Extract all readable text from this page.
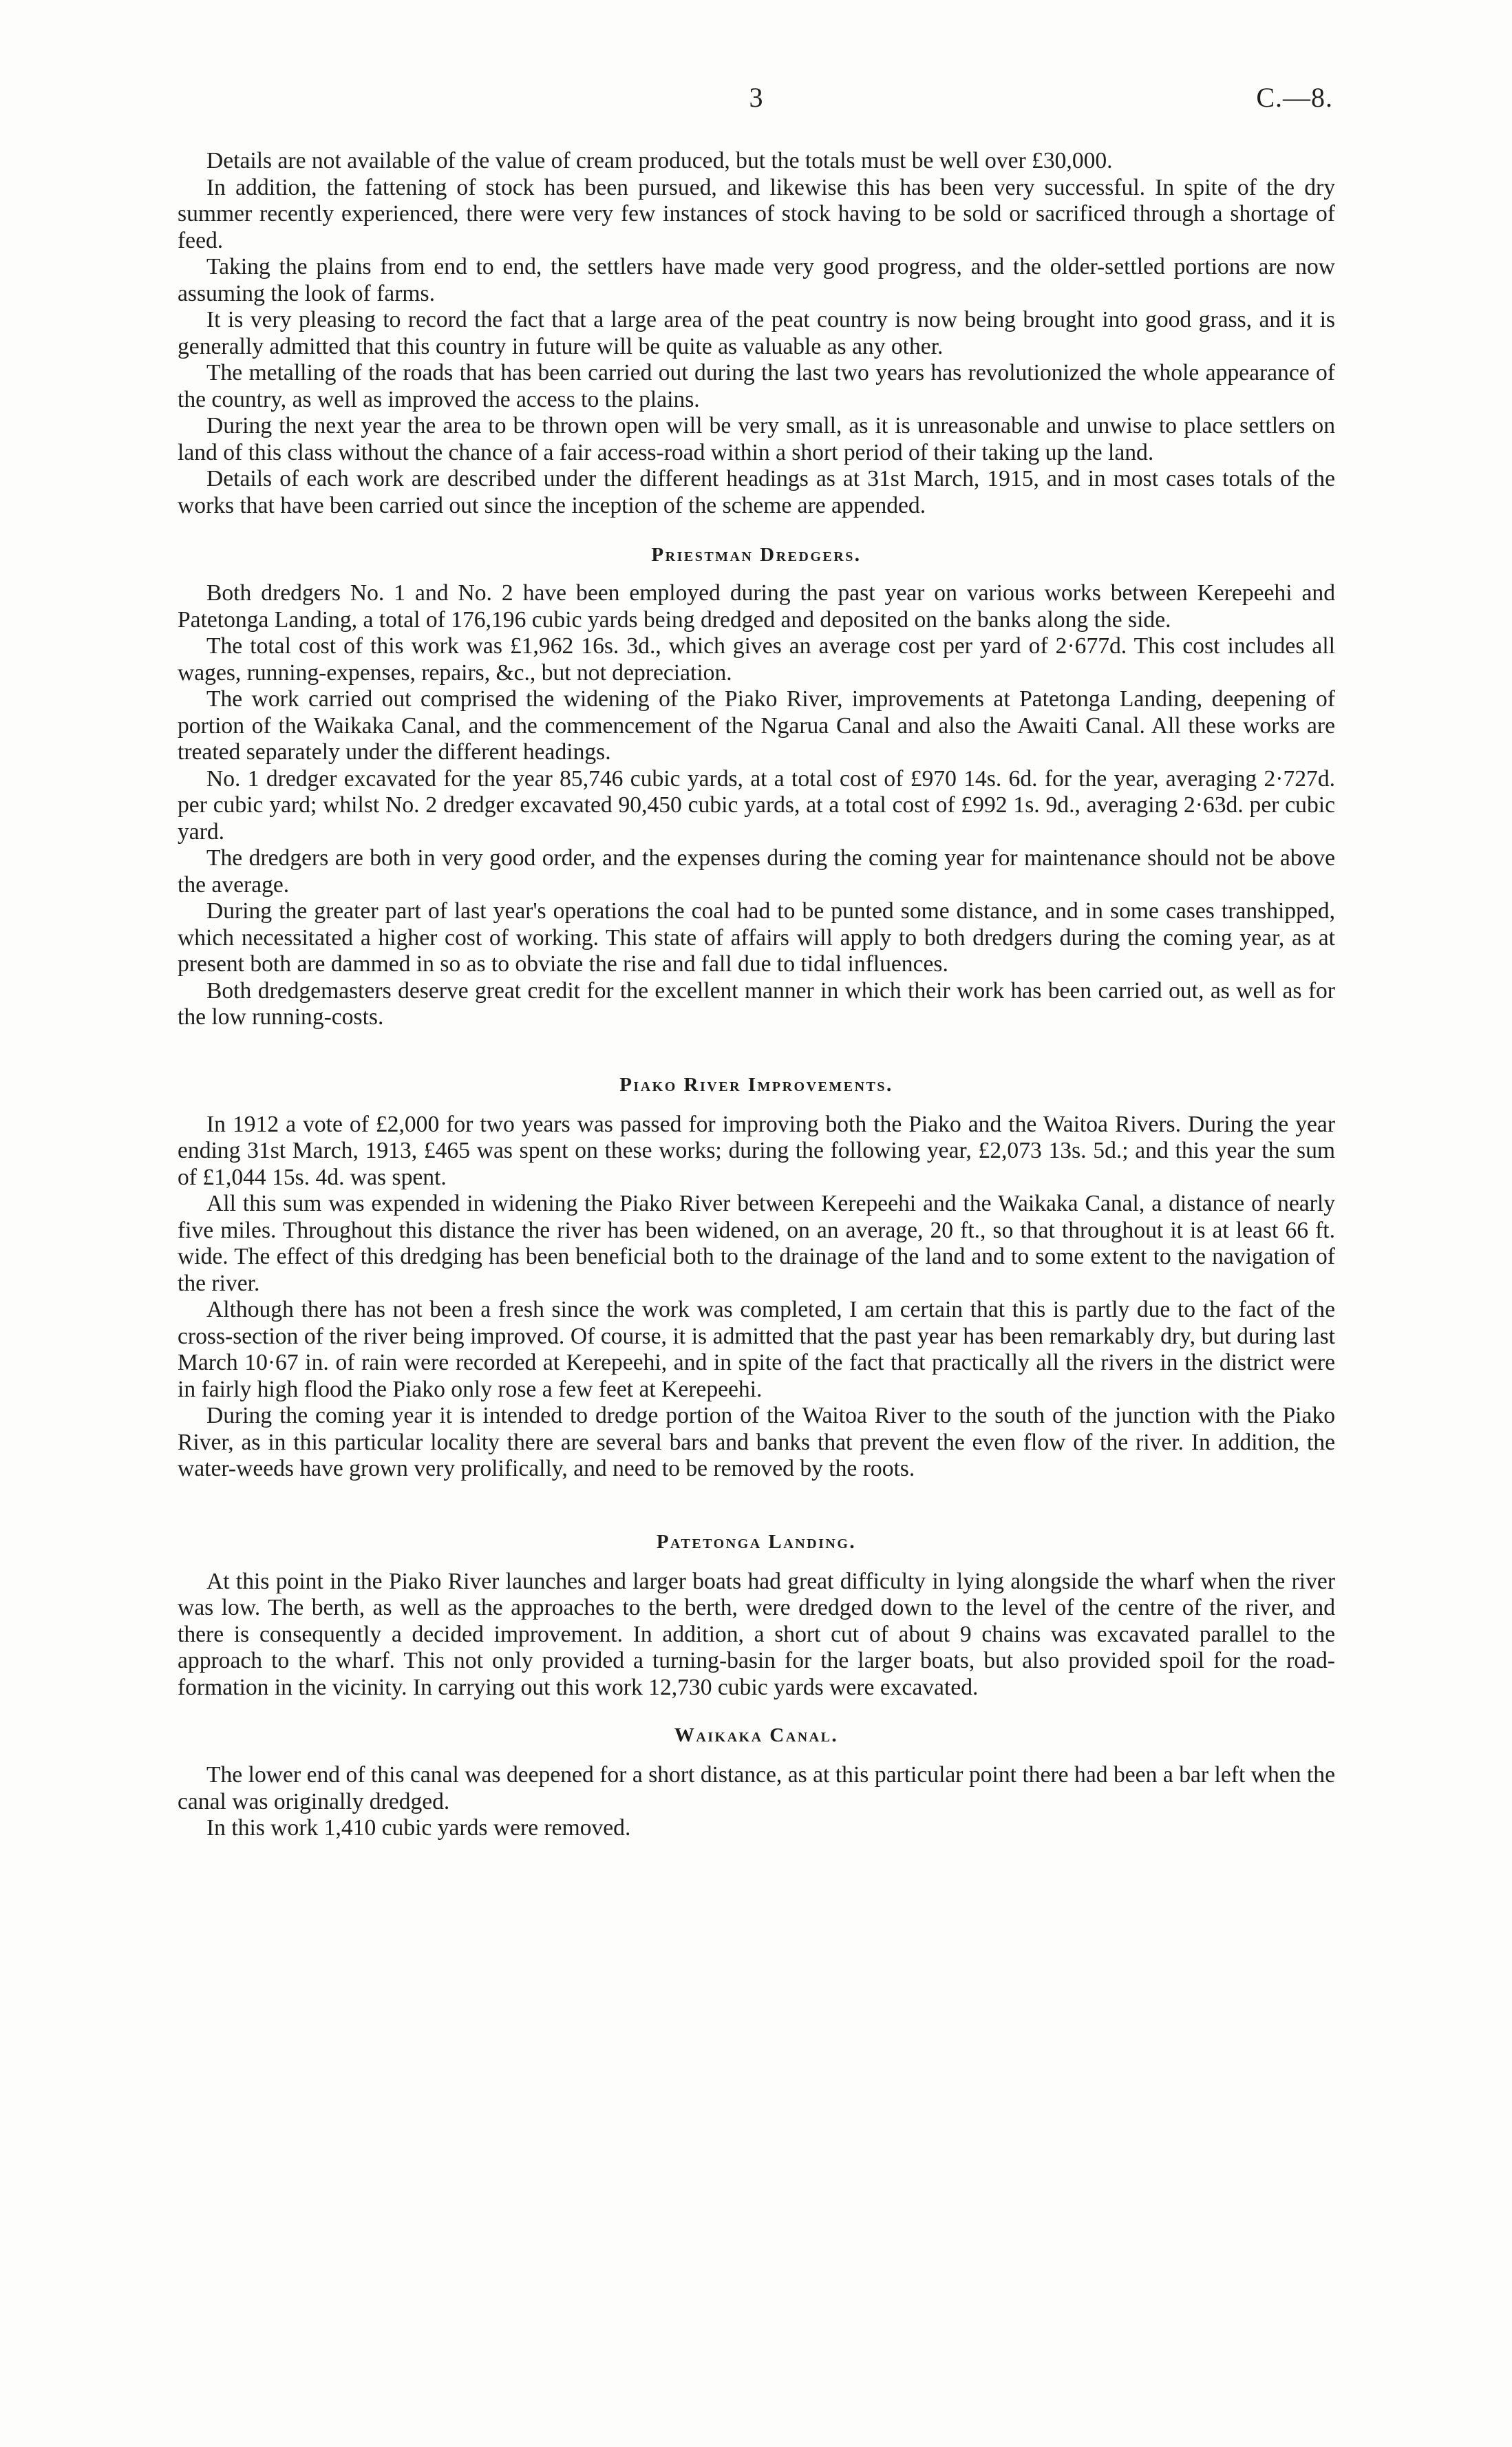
3	C.—8.

Details are not available of the value of cream produced, but the totals must be well over £30,000.

In addition, the fattening of stock has been pursued, and likewise this has been very successful. In spite of the dry summer recently experienced, there were very few instances of stock having to be sold or sacrificed through a shortage of feed.

Taking the plains from end to end, the settlers have made very good progress, and the older-settled portions are now assuming the look of farms.

It is very pleasing to record the fact that a large area of the peat country is now being brought into good grass, and it is generally admitted that this country in future will be quite as valuable as any other.

The metalling of the roads that has been carried out during the last two years has revolutionized the whole appearance of the country, as well as improved the access to the plains.

During the next year the area to be thrown open will be very small, as it is unreasonable and unwise to place settlers on land of this class without the chance of a fair access-road within a short period of their taking up the land.

Details of each work are described under the different headings as at 31st March, 1915, and in most cases totals of the works that have been carried out since the inception of the scheme are appended.

Priestman Dredgers.

Both dredgers No. 1 and No. 2 have been employed during the past year on various works between Kerepeehi and Patetonga Landing, a total of 176,196 cubic yards being dredged and deposited on the banks along the side.

The total cost of this work was £1,962 16s. 3d., which gives an average cost per yard of 2·677d. This cost includes all wages, running-expenses, repairs, &c., but not depreciation.

The work carried out comprised the widening of the Piako River, improvements at Patetonga Landing, deepening of portion of the Waikaka Canal, and the commencement of the Ngarua Canal and also the Awaiti Canal. All these works are treated separately under the different headings.

No. 1 dredger excavated for the year 85,746 cubic yards, at a total cost of £970 14s. 6d. for the year, averaging 2·727d. per cubic yard; whilst No. 2 dredger excavated 90,450 cubic yards, at a total cost of £992 1s. 9d., averaging 2·63d. per cubic yard.

The dredgers are both in very good order, and the expenses during the coming year for maintenance should not be above the average.

During the greater part of last year's operations the coal had to be punted some distance, and in some cases transhipped, which necessitated a higher cost of working. This state of affairs will apply to both dredgers during the coming year, as at present both are dammed in so as to obviate the rise and fall due to tidal influences.

Both dredgemasters deserve great credit for the excellent manner in which their work has been carried out, as well as for the low running-costs.

Piako River Improvements.

In 1912 a vote of £2,000 for two years was passed for improving both the Piako and the Waitoa Rivers. During the year ending 31st March, 1913, £465 was spent on these works; during the following year, £2,073 13s. 5d.; and this year the sum of £1,044 15s. 4d. was spent.

All this sum was expended in widening the Piako River between Kerepeehi and the Waikaka Canal, a distance of nearly five miles. Throughout this distance the river has been widened, on an average, 20 ft., so that throughout it is at least 66 ft. wide. The effect of this dredging has been beneficial both to the drainage of the land and to some extent to the navigation of the river.

Although there has not been a fresh since the work was completed, I am certain that this is partly due to the fact of the cross-section of the river being improved. Of course, it is admitted that the past year has been remarkably dry, but during last March 10·67 in. of rain were recorded at Kerepeehi, and in spite of the fact that practically all the rivers in the district were in fairly high flood the Piako only rose a few feet at Kerepeehi.

During the coming year it is intended to dredge portion of the Waitoa River to the south of the junction with the Piako River, as in this particular locality there are several bars and banks that prevent the even flow of the river. In addition, the water-weeds have grown very prolifically, and need to be removed by the roots.

Patetonga Landing.

At this point in the Piako River launches and larger boats had great difficulty in lying alongside the wharf when the river was low. The berth, as well as the approaches to the berth, were dredged down to the level of the centre of the river, and there is consequently a decided improvement. In addition, a short cut of about 9 chains was excavated parallel to the approach to the wharf. This not only provided a turning-basin for the larger boats, but also provided spoil for the road-formation in the vicinity. In carrying out this work 12,730 cubic yards were excavated.

Waikaka Canal.

The lower end of this canal was deepened for a short distance, as at this particular point there had been a bar left when the canal was originally dredged.

In this work 1,410 cubic yards were removed.
